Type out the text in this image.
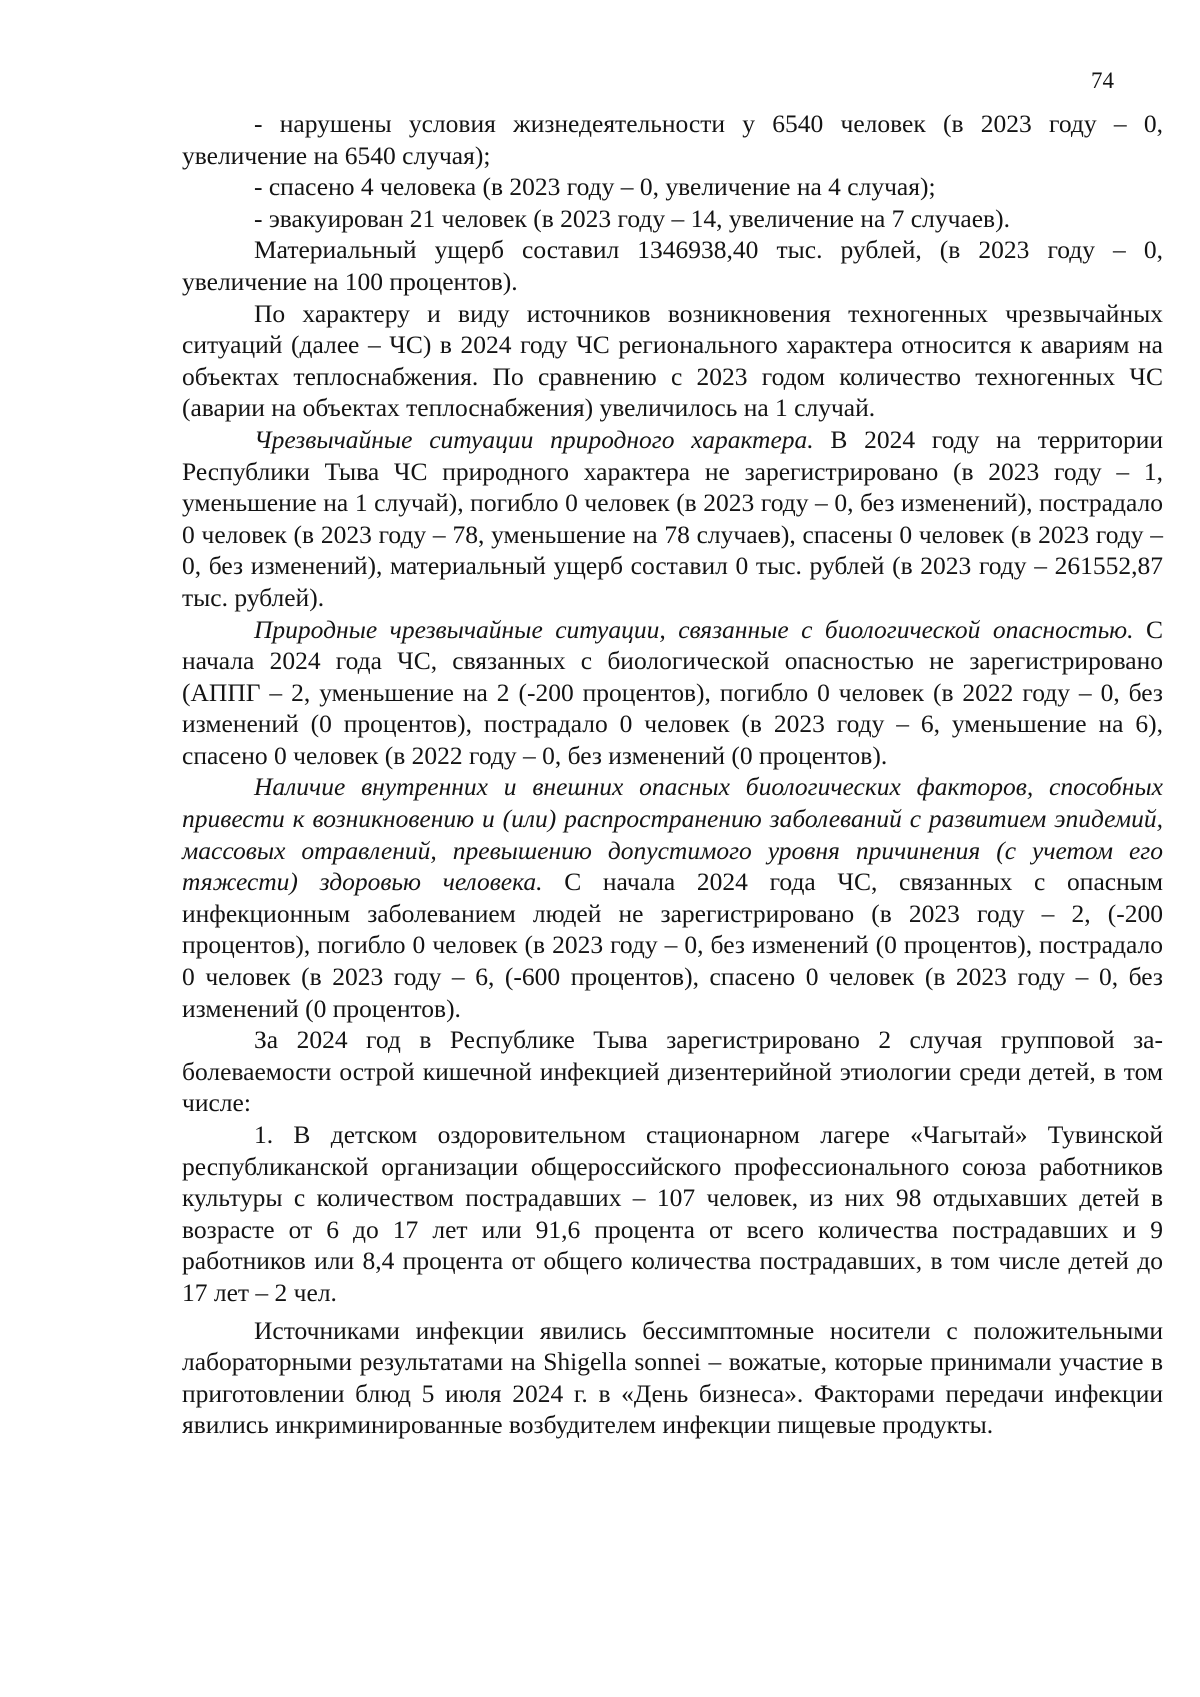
74

- нарушены условия жизнедеятельности у 6540 человек (в 2023 году – 0, увеличение на 6540 случая);

- спасено 4 человека (в 2023 году – 0, увеличение на 4 случая);

- эвакуирован 21 человек (в 2023 году – 14, увеличение на 7 случаев).

Материальный ущерб составил 1346938,40 тыс. рублей, (в 2023 году – 0, увеличение на 100 процентов).

По характеру и виду источников возникновения техногенных чрезвычайных ситуаций (далее – ЧС) в 2024 году ЧС регионального характера относится к авариям на объектах теплоснабжения. По сравнению с 2023 годом количество техногенных ЧС (аварии на объектах теплоснабжения) увеличилось на 1 случай.

Чрезвычайные ситуации природного характера. В 2024 году на территории Республики Тыва ЧС природного характера не зарегистрировано (в 2023 году – 1, уменьшение на 1 случай), погибло 0 человек (в 2023 году – 0, без изменений), пострадало 0 человек (в 2023 году – 78, уменьшение на 78 случаев), спасены 0 человек (в 2023 году – 0, без изменений), материальный ущерб составил 0 тыс. рублей (в 2023 году – 261552,87 тыс. рублей).

Природные чрезвычайные ситуации, связанные с биологической опасностью. С начала 2024 года ЧС, связанных с биологической опасностью не зарегистрировано (АППГ – 2, уменьшение на 2 (-200 процентов), погибло 0 человек (в 2022 году – 0, без изменений (0 процентов), пострадало 0 человек (в 2023 году – 6, уменьшение на 6), спасено 0 человек (в 2022 году – 0, без изменений (0 процентов).

Наличие внутренних и внешних опасных биологических факторов, способных привести к возникновению и (или) распространению заболеваний с развитием эпидемий, массовых отравлений, превышению допустимого уровня причинения (с учетом его тяжести) здоровью человека. С начала 2024 года ЧС, связанных с опасным инфекционным заболеванием людей не зарегистрировано (в 2023 году – 2, (-200 процентов), погибло 0 человек (в 2023 году – 0, без изменений (0 процентов), пострадало 0 человек (в 2023 году – 6, (-600 процентов), спасено 0 человек (в 2023 году – 0, без изменений (0 процентов).

За 2024 год в Республике Тыва зарегистрировано 2 случая групповой заболеваемости острой кишечной инфекцией дизентерийной этиологии среди детей, в том числе:

1. В детском оздоровительном стационарном лагере «Чагытай» Тувинской республиканской организации общероссийского профессионального союза работников культуры с количеством пострадавших – 107 человек, из них 98 отдыхавших детей в возрасте от 6 до 17 лет или 91,6 процента от всего количества пострадавших и 9 работников или 8,4 процента от общего количества пострадавших, в том числе детей до 17 лет – 2 чел.

Источниками инфекции явились бессимптомные носители с положительными лабораторными результатами на Shigella sonnei – вожатые, которые принимали участие в приготовлении блюд 5 июля 2024 г. в «День бизнеса». Факторами передачи инфекции явились инкриминированные возбудителем инфекции пищевые продукты.
